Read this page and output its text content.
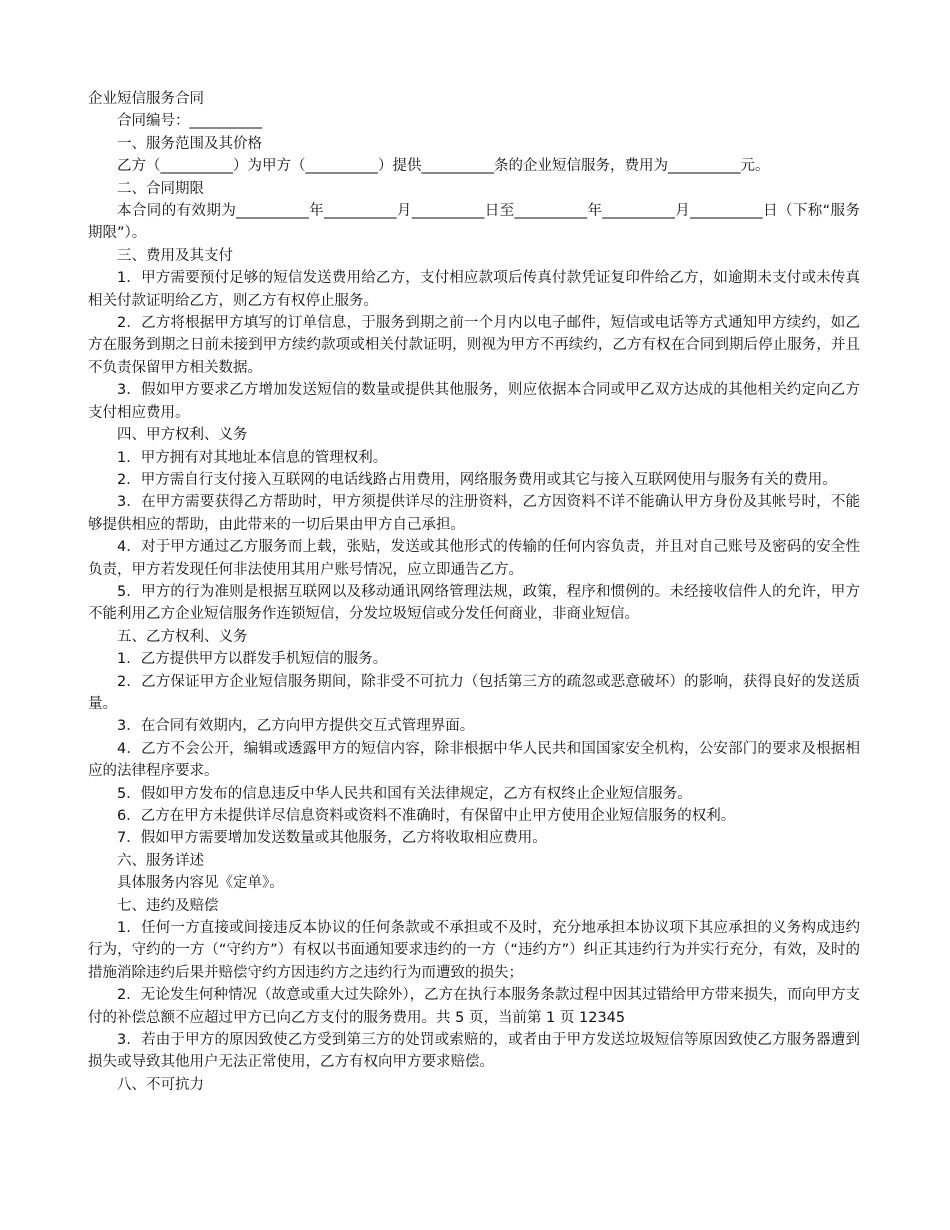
企业短信服务合同

合同编号：__________

一、服务范围及其价格

乙方（__________）为甲方（__________）提供__________条的企业短信服务，费用为__________元。

二、合同期限

本合同的有效期为__________年__________月__________日至__________年__________月__________日（下称“服务期限”）。

三、费用及其支付

1．甲方需要预付足够的短信发送费用给乙方，支付相应款项后传真付款凭证复印件给乙方，如逾期未支付或未传真相关付款证明给乙方，则乙方有权停止服务。

2．乙方将根据甲方填写的订单信息，于服务到期之前一个月内以电子邮件，短信或电话等方式通知甲方续约，如乙方在服务到期之日前未接到甲方续约款项或相关付款证明，则视为甲方不再续约，乙方有权在合同到期后停止服务，并且不负责保留甲方相关数据。

3．假如甲方要求乙方增加发送短信的数量或提供其他服务，则应依据本合同或甲乙双方达成的其他相关约定向乙方支付相应费用。

四、甲方权利、义务

1．甲方拥有对其地址本信息的管理权利。

2．甲方需自行支付接入互联网的电话线路占用费用，网络服务费用或其它与接入互联网使用与服务有关的费用。

3．在甲方需要获得乙方帮助时，甲方须提供详尽的注册资料，乙方因资料不详不能确认甲方身份及其帐号时，不能够提供相应的帮助，由此带来的一切后果由甲方自己承担。

4．对于甲方通过乙方服务而上载，张贴，发送或其他形式的传输的任何内容负责，并且对自己账号及密码的安全性负责，甲方若发现任何非法使用其用户账号情况，应立即通告乙方。

5．甲方的行为准则是根据互联网以及移动通讯网络管理法规，政策，程序和惯例的。未经接收信件人的允许，甲方不能利用乙方企业短信服务作连锁短信，分发垃圾短信或分发任何商业，非商业短信。

五、乙方权利、义务

1．乙方提供甲方以群发手机短信的服务。

2．乙方保证甲方企业短信服务期间，除非受不可抗力（包括第三方的疏忽或恶意破坏）的影响，获得良好的发送质量。

3．在合同有效期内，乙方向甲方提供交互式管理界面。

4．乙方不会公开，编辑或透露甲方的短信内容，除非根据中华人民共和国国家安全机构，公安部门的要求及根据相应的法律程序要求。

5．假如甲方发布的信息违反中华人民共和国有关法律规定，乙方有权终止企业短信服务。

6．乙方在甲方未提供详尽信息资料或资料不准确时，有保留中止甲方使用企业短信服务的权利。

7．假如甲方需要增加发送数量或其他服务，乙方将收取相应费用。

六、服务详述

具体服务内容见《定单》。

七、违约及赔偿

1．任何一方直接或间接违反本协议的任何条款或不承担或不及时，充分地承担本协议项下其应承担的义务构成违约行为，守约的一方（“守约方”）有权以书面通知要求违约的一方（“违约方”）纠正其违约行为并实行充分，有效，及时的措施消除违约后果并赔偿守约方因违约方之违约行为而遭致的损失；

2．无论发生何种情况（故意或重大过失除外），乙方在执行本服务条款过程中因其过错给甲方带来损失，而向甲方支付的补偿总额不应超过甲方已向乙方支付的服务费用。共 5 页，当前第 1 页 12345

3．若由于甲方的原因致使乙方受到第三方的处罚或索赔的，或者由于甲方发送垃圾短信等原因致使乙方服务器遭到损失或导致其他用户无法正常使用，乙方有权向甲方要求赔偿。

八、不可抗力
